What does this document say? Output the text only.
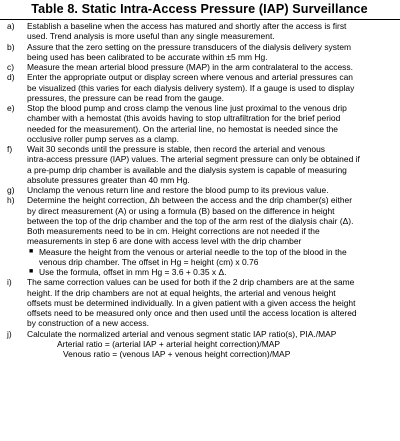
Table 8. Static Intra-Access Pressure (IAP) Surveillance
a)	Establish a baseline when the access has matured and shortly after the access is first
used. Trend analysis is more useful than any single measurement.
b)	Assure that the zero setting on the pressure transducers of the dialysis delivery system
being used has been calibrated to be accurate within ±5 mm Hg.
c)	Measure the mean arterial blood pressure (MAP) in the arm contralateral to the access.
d)	Enter the appropriate output or display screen where venous and arterial pressures can
be visualized (this varies for each dialysis delivery system). If a gauge is used to display
pressures, the pressure can be read from the gauge.
e)	Stop the blood pump and cross clamp the venous line just proximal to the venous drip
chamber with a hemostat (this avoids having to stop ultrafiltration for the brief period
needed for the measurement). On the arterial line, no hemostat is needed since the
occlusive roller pump serves as a clamp.
f)	Wait 30 seconds until the pressure is stable, then record the arterial and venous
intra-access pressure (IAP) values. The arterial segment pressure can only be obtained if
a pre-pump drip chamber is available and the dialysis system is capable of measuring
absolute pressures greater than 40 mm Hg.
g)	Unclamp the venous return line and restore the blood pump to its previous value.
h)	Determine the height correction, Δh between the access and the drip chamber(s) either
by direct measurement (A) or using a formula (B) based on the difference in height
between the top of the drip chamber and the top of the arm rest of the dialysis chair (Δ).
Both measurements need to be in cm. Height corrections are not needed if the
measurements in step 6 are done with access level with the drip chamber
■ Measure the height from the venous or arterial needle to the top of the blood in the
venous drip chamber. The offset in Hg = height (cm) x 0.76
■ Use the formula, offset in mm Hg = 3.6 + 0.35 x Δ.
i)	The same correction values can be used for both if the 2 drip chambers are at the same
height. If the drip chambers are not at equal heights, the arterial and venous height
offsets must be determined individually. In a given patient with a given access the height
offsets need to be measured only once and then used until the access location is altered
by construction of a new access.
j)	Calculate the normalized arterial and venous segment static IAP ratio(s), PIA./MAP
Arterial ratio = (arterial IAP + arterial height correction)/MAP
Venous ratio = (venous IAP + venous height correction)/MAP
